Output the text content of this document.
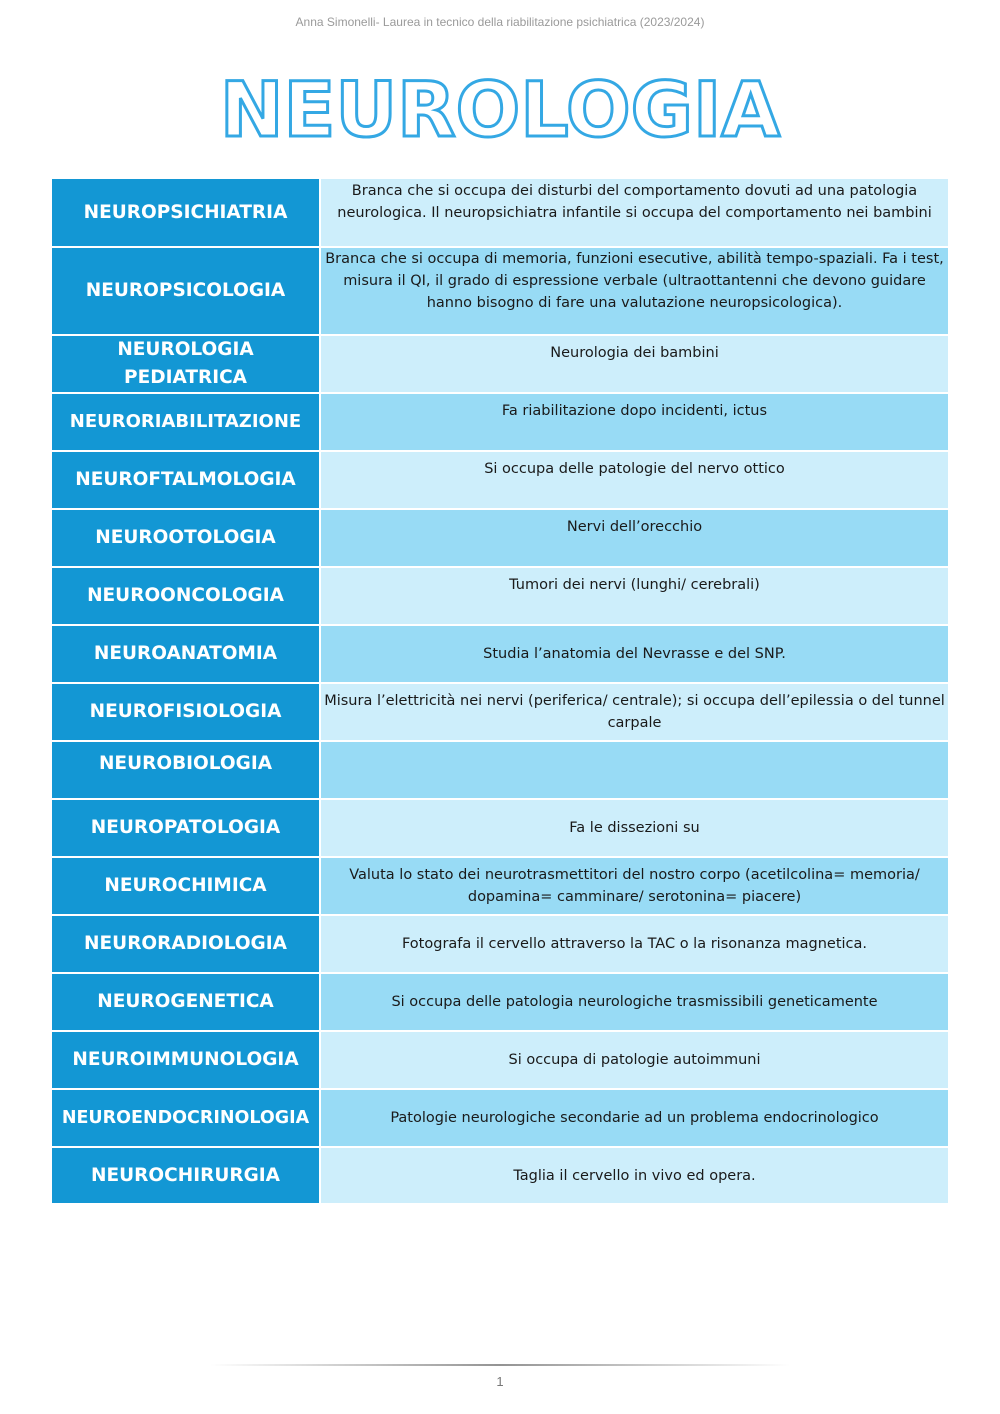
Anna Simonelli- Laurea in tecnico della riabilitazione psichiatrica (2023/2024)
NEUROLOGIA
NEUROPSICHIATRIA	Branca che si occupa dei disturbi del comportamento dovuti ad una patologia neurologica. Il neuropsichiatra infantile si occupa del comportamento nei bambini
NEUROPSICOLOGIA	Branca che si occupa di memoria, funzioni esecutive, abilità tempo-spaziali. Fa i test, misura il QI, il grado di espressione verbale (ultraottantenni che devono guidare hanno bisogno di fare una valutazione neuropsicologica).
NEUROLOGIA PEDIATRICA	Neurologia dei bambini
NEURORIABILITAZIONE	Fa riabilitazione dopo incidenti, ictus
NEUROFTALMOLOGIA	Si occupa delle patologie del nervo ottico
NEUROOTOLOGIA	Nervi dell’orecchio
NEUROONCOLOGIA	Tumori dei nervi (lunghi/ cerebrali)
NEUROANATOMIA	Studia l’anatomia del Nevrasse e del SNP.
NEUROFISIOLOGIA	Misura l’elettricità nei nervi (periferica/ centrale); si occupa dell’epilessia o del tunnel carpale
NEUROBIOLOGIA	
NEUROPATOLOGIA	Fa le dissezioni su
NEUROCHIMICA	Valuta lo stato dei neurotrasmettitori del nostro corpo (acetilcolina= memoria/ dopamina= camminare/ serotonina= piacere)
NEURORADIOLOGIA	Fotografa il cervello attraverso la TAC o la risonanza magnetica.
NEUROGENETICA	Si occupa delle patologia neurologiche trasmissibili geneticamente
NEUROIMMUNOLOGIA	Si occupa di patologie autoimmuni
NEUROENDOCRINOLOGIA	Patologie neurologiche secondarie ad un problema endocrinologico
NEUROCHIRURGIA	Taglia il cervello in vivo ed opera.
1
